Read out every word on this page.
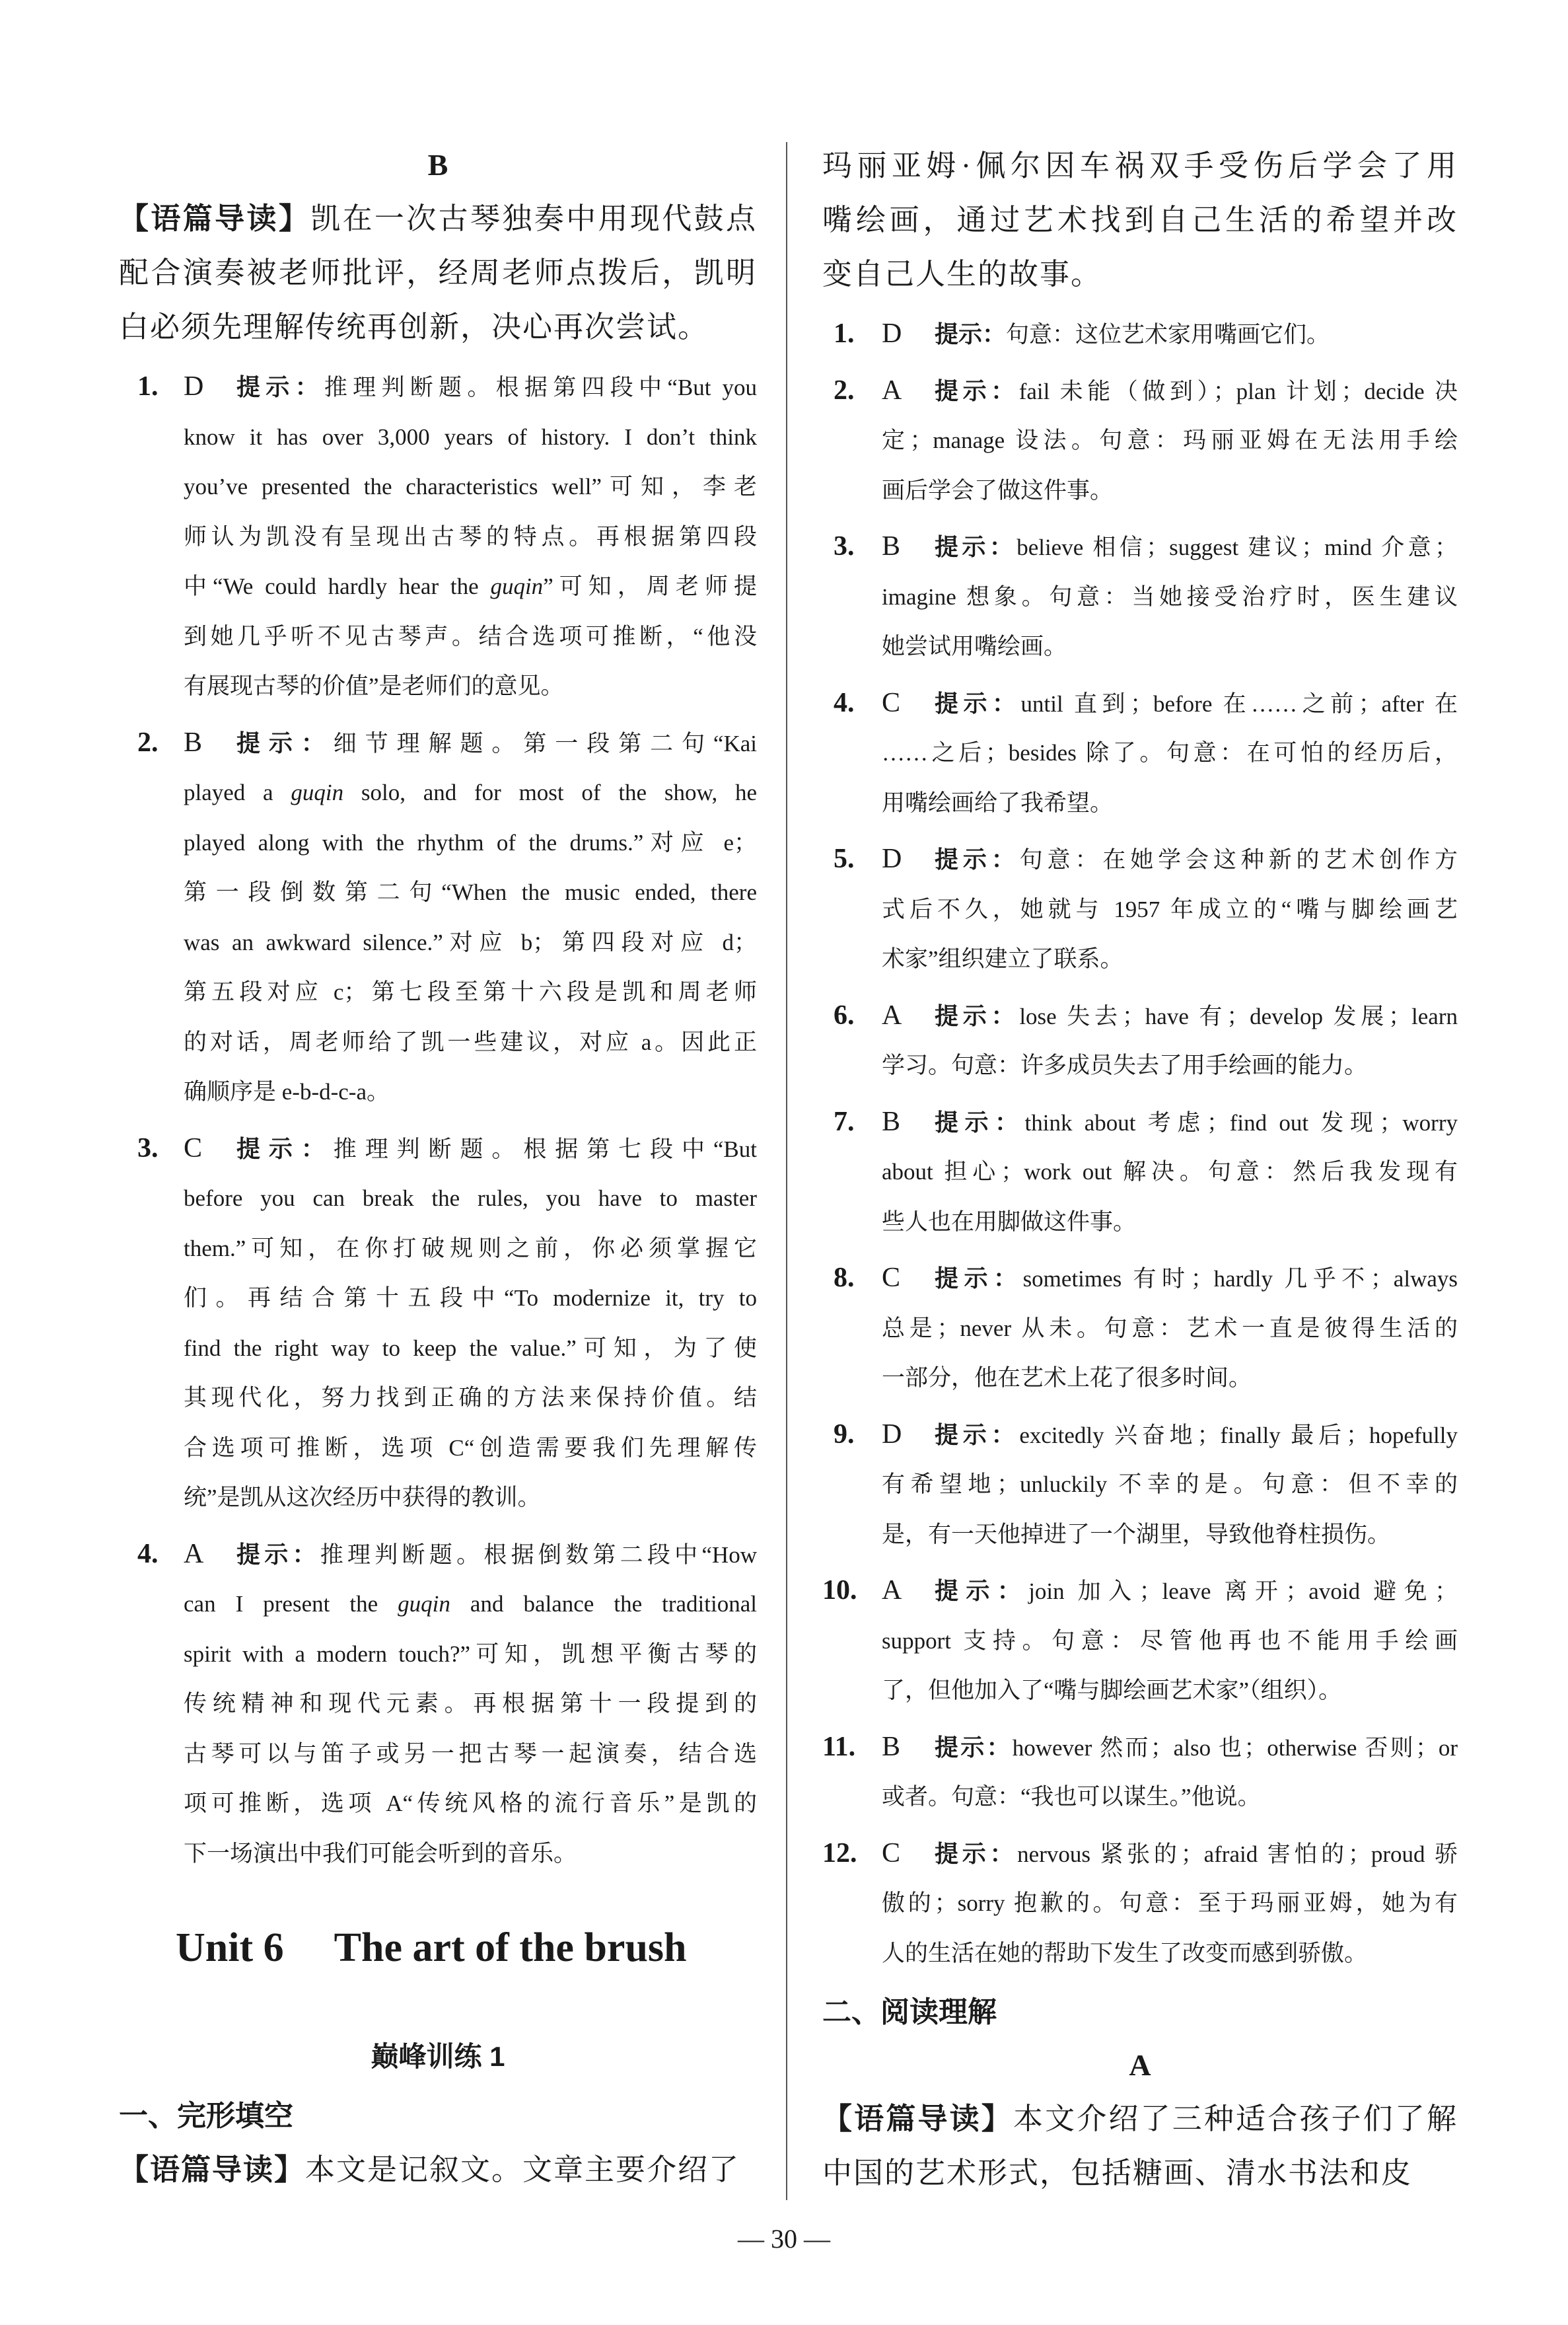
B
【语篇导读】凯在一次古琴独奏中用现代鼓点
配合演奏被老师批评，经周老师点拨后，凯明
白必须先理解传统再创新，决心再次尝试。
1. D	提示：推理判断题。根据第四段中“But you
know it has over 3,000 years of history. I don’t think
you’ve presented the characteristics well”可知，李老
师认为凯没有呈现出古琴的特点。再根据第四段
中“We could hardly hear the guqin”可知，周老师提
到她几乎听不见古琴声。结合选项可推断，“他没
有展现古琴的价值”是老师们的意见。
2. B	提示：细节理解题。第一段第二句“Kai
played a guqin solo, and for most of the show, he
played along with the rhythm of the drums.”对应 e；
第一段倒数第二句“When the music ended, there
was an awkward silence.”对应 b；第四段对应 d；
第五段对应 c；第七段至第十六段是凯和周老师
的对话，周老师给了凯一些建议，对应 a。因此正
确顺序是 e-b-d-c-a。
3. C	提示：推理判断题。根据第七段中“But
before you can break the rules, you have to master
them.”可知，在你打破规则之前，你必须掌握它
们。再结合第十五段中“To modernize it, try to
find the right way to keep the value.”可知，为了使
其现代化，努力找到正确的方法来保持价值。结
合选项可推断，选项 C“创造需要我们先理解传
统”是凯从这次经历中获得的教训。
4. A	提示：推理判断题。根据倒数第二段中“How
can I present the guqin and balance the traditional
spirit with a modern touch?”可知，凯想平衡古琴的
传统精神和现代元素。再根据第十一段提到的
古琴可以与笛子或另一把古琴一起演奏，结合选
项可推断，选项 A“传统风格的流行音乐”是凯的
下一场演出中我们可能会听到的音乐。
Unit 6 The art of the brush
巅峰训练 1
一、完形填空
【语篇导读】本文是记叙文。文章主要介绍了
玛丽亚姆·佩尔因车祸双手受伤后学会了用
嘴绘画，通过艺术找到自己生活的希望并改
变自己人生的故事。
1. D	提示：句意：这位艺术家用嘴画它们。
2. A	提示：fail 未能（做到）；plan 计划；decide 决
定；manage 设法。句意：玛丽亚姆在无法用手绘
画后学会了做这件事。
3. B	提示：believe 相信；suggest 建议；mind 介意；
imagine 想象。句意：当她接受治疗时，医生建议
她尝试用嘴绘画。
4. C	提示：until 直到；before 在……之前；after 在
……之后；besides 除了。句意：在可怕的经历后，
用嘴绘画给了我希望。
5. D	提示：句意：在她学会这种新的艺术创作方
式后不久，她就与 1957 年成立的“嘴与脚绘画艺
术家”组织建立了联系。
6. A	提示：lose 失去；have 有；develop 发展；learn
学习。句意：许多成员失去了用手绘画的能力。
7. B	提示：think about 考虑；find out 发现；worry
about 担心；work out 解决。句意：然后我发现有
些人也在用脚做这件事。
8. C	提示：sometimes 有时；hardly 几乎不；always
总是；never 从未。句意：艺术一直是彼得生活的
一部分，他在艺术上花了很多时间。
9. D	提示：excitedly 兴奋地；finally 最后；hopefully
有希望地；unluckily 不幸的是。句意：但不幸的
是，有一天他掉进了一个湖里，导致他脊柱损伤。
10. A	提示：join 加入；leave 离开；avoid 避免；
support 支持。句意：尽管他再也不能用手绘画
了，但他加入了“嘴与脚绘画艺术家”（组织）。
11. B	提示：however 然而；also 也；otherwise 否则；or
或者。句意：“我也可以谋生。”他说。
12. C	提示：nervous 紧张的；afraid 害怕的；proud 骄
傲的；sorry 抱歉的。句意：至于玛丽亚姆，她为有
人的生活在她的帮助下发生了改变而感到骄傲。
二、阅读理解
A
【语篇导读】本文介绍了三种适合孩子们了解
中国的艺术形式，包括糖画、清水书法和皮
— 30 —
